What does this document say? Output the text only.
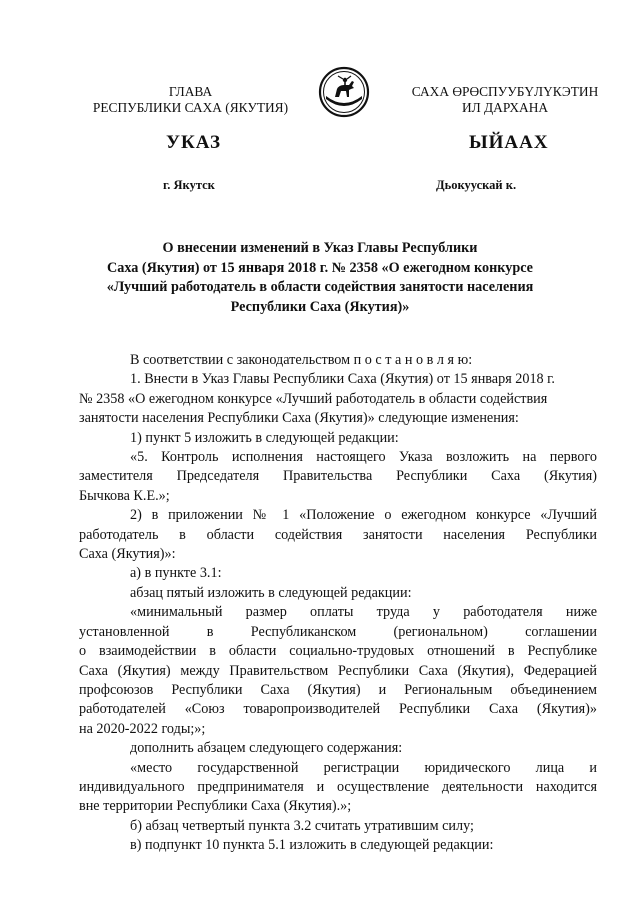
ГЛАВА
РЕСПУБЛИКИ САХА (ЯКУТИЯ)
САХА ӨРӨСПУУБҮЛҮКЭТИН
ИЛ ДАРХАНА
УКАЗ	ЫЙААХ
г. Якутск	Дьокуускай к.
О внесении изменений в Указ Главы Республики
Саха (Якутия) от 15 января 2018 г. № 2358 «О ежегодном конкурсе
«Лучший работодатель в области содействия занятости населения
Республики Саха (Якутия)»

В соответствии с законодательством п о с т а н о в л я ю:

1. Внести в Указ Главы Республики Саха (Якутия) от 15 января 2018 г.

№ 2358 «О ежегодном конкурсе «Лучший работодатель в области содействия

занятости населения Республики Саха (Якутия)» следующие изменения:

1) пункт 5 изложить в следующей редакции:

«5. Контроль исполнения настоящего Указа возложить на первого

заместителя Председателя Правительства Республики Саха (Якутия)

Бычкова К.Е.»;

2) в приложении № 1 «Положение о ежегодном конкурсе «Лучший

работодатель в области содействия занятости населения Республики

Саха (Якутия)»:

а) в пункте 3.1:

абзац пятый изложить в следующей редакции:

«минимальный размер оплаты труда у работодателя ниже

установленной в Республиканском (региональном) соглашении

о взаимодействии в области социально-трудовых отношений в Республике

Саха (Якутия) между Правительством Республики Саха (Якутия), Федерацией

профсоюзов Республики Саха (Якутия) и Региональным объединением

работодателей «Союз товаропроизводителей Республики Саха (Якутия)»

на 2020-2022 годы;»;

дополнить абзацем следующего содержания:

«место государственной регистрации юридического лица и

индивидуального предпринимателя и осуществление деятельности находится

вне территории Республики Саха (Якутия).»;

б) абзац четвертый пункта 3.2 считать утратившим силу;

в) подпункт 10 пункта 5.1 изложить в следующей редакции:
